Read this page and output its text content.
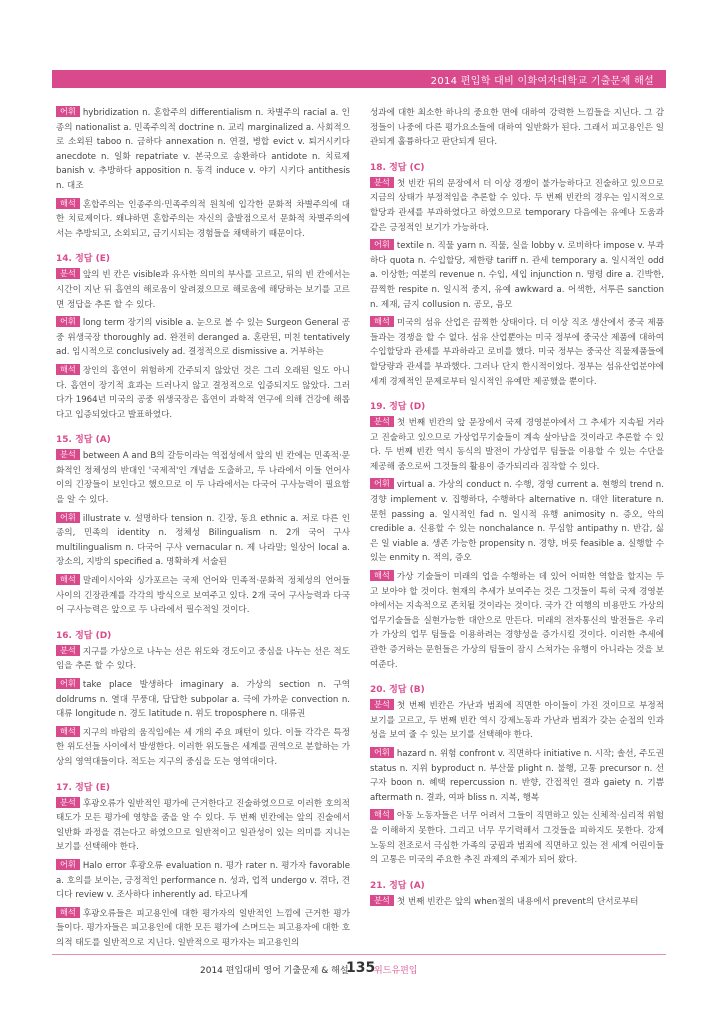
2014 편입학 대비 이화여자대학교 기출문제 해설
어휘 hybridization n. 혼합주의 differentialism n. 차별주의 racial a. 인종의 nationalist a. 민족주의적 doctrine n. 교리 marginalized a. 사회적으로 소외된 taboo n. 금하다 annexation n. 연결, 병합 evict v. 퇴거시키다 anecdote n. 일화 repatriate v. 본국으로 송환하다 antidote n. 치료제 banish v. 추방하다 apposition n. 동격 induce v. 야기 시키다 antithesis n. 대조
해석 혼합주의는 인종주의·민족주의적 원칙에 입각한 문화적 차별주의에 대한 치료제이다. 왜냐하면 혼합주의는 자신의 출발점으로서 문화적 차별주의에서는 추방되고, 소외되고, 금기시되는 경험들을 채택하기 때문이다.
14. 정답 (E)
분석 앞의 빈 칸은 visible과 유사한 의미의 부사를 고르고, 뒤의 빈 칸에서는 시간이 지난 뒤 흡연의 해로움이 알려졌으므로 해로움에 해당하는 보기를 고르면 정답을 추론 할 수 있다.
어휘 long term 장기의 visible a. 눈으로 볼 수 있는 Surgeon General 공중 위생국장 thoroughly ad. 완전히 deranged a. 혼란된, 미친 tentatively ad. 임시적으로 conclusively ad. 결정적으로 dismissive a. 거부하는
해석 장인의 흡연이 위험하게 간주되지 않았던 것은 그리 오래된 일도 아니다. 흡연이 장기적 효과는 드러나지 않고 결정적으로 입증되지도 않았다. 그러다가 1964년 미국의 공중 위생국장은 흡연이 과학적 연구에 의해 건강에 해롭다고 입증되었다고 발표하였다.
15. 정답 (A)
분석 between A and B의 갈등이라는 역접성에서 앞의 빈 칸에는 민족적·문화적인 정체성의 반대인 '국제적'인 개념을 도출하고, 두 나라에서 이들 언어사이의 긴장들이 보인다고 했으므로 이 두 나라에서는 다국어 구사능력이 필요함을 알 수 있다.
어휘 illustrate v. 설명하다 tension n. 긴장, 동요 ethnic a. 저로 다른 인종의, 민족의 identity n. 정체성 Bilingualism n. 2개 국어 구사 multilingualism n. 다국어 구사 vernacular n. 제 나라말; 일상어 local a. 장소의, 지방의 specified a. 명확하게 서술된
해석 말레이시아와 싱가포르는 국제 언어와 민족적·문화적 정체성의 언어들 사이의 긴장관계를 각각의 방식으로 보여주고 있다. 2개 국어 구사능력과 다국어 구사능력은 앞으로 두 나라에서 필수적일 것이다.
16. 정답 (D)
분석 지구를 가상으로 나누는 선은 위도와 경도이고 중심을 나누는 선은 적도임을 추론 할 수 있다.
어휘 take place 발생하다 imaginary a. 가상의 section n. 구역 doldrums n. 열대 무풍대, 답답한 subpolar a. 극에 가까운 convection n. 대류 longitude n. 경도 latitude n. 위도 troposphere n. 대류권
해석 지구의 바람의 움직임에는 세 개의 주요 패턴이 있다. 이들 각각은 특정한 위도선들 사이에서 발생한다. 이러한 위도들은 세계를 권역으로 분할하는 가상의 영역대들이다. 적도는 지구의 중심을 도는 영역대이다.
17. 정답 (E)
분석 후광오류가 일반적인 평가에 근거한다고 진술하였으므로 이러한 호의적 태도가 모든 평가에 영향을 줌을 알 수 있다. 두 번째 빈칸에는 앞의 진술에서 일반화 과정을 겪는다고 하였으므로 일반적이고 일관성이 있는 의미를 지니는 보기를 선택해야 한다.
어휘 Halo error 후광오류 evaluation n. 평가 rater n. 평가자 favorable a. 호의를 보이는, 긍정적인 performance n. 성과, 업적 undergo v. 겪다, 견디다 review v. 조사하다 inherently ad. 타고나게
해석 후광오류들은 피고용인에 대한 평가자의 일반적인 느낌에 근거한 평가들이다. 평가자들은 피고용인에 대한 모든 평가에 스며드는 피고용자에 대한 호의적 태도를 일반적으로 지닌다. 일반적으로 평가자는 피고용인의
성과에 대한 최소한 하나의 중요한 면에 대하여 강력한 느낌들을 지닌다. 그 감정들이 나중에 다른 평가요소들에 대하여 일반화가 된다. 그래서 피고용인은 일관되게 훌륭하다고 판단되게 된다.
18. 정답 (C)
분석 첫 빈칸 뒤의 문장에서 더 이상 경쟁이 불가능하다고 진술하고 있으므로 지금의 상태가 부정적임을 추론할 수 있다. 두 번째 빈칸의 경우는 임시적으로 할당과 관세를 부과하였다고 하였으므로 temporary 다음에는 유예나 도움과 같은 긍정적인 보기가 가능하다.
어휘 textile n. 직물 yarn n. 직물, 실을 lobby v. 로비하다 impose v. 부과하다 quota n. 수입할당, 제한량 tariff n. 관세 temporary a. 일시적인 odd a. 이상한; 여분의 revenue n. 수입, 세입 injunction n. 명령 dire a. 긴박한, 끔찍한 respite n. 일시적 중지, 유예 awkward a. 어색한, 서투른 sanction n. 제재, 금지 collusion n. 공모, 음모
해석 미국의 섬유 산업은 끔찍한 상태이다. 더 이상 직조 생산에서 중국 제품들과는 경쟁을 할 수 없다. 섬유 산업뿐아는 미국 정부에 중국산 제품에 대하여 수입할당과 관세를 부과하라고 로비를 했다. 미국 정부는 중국산 직물제품들에 할당량과 관세를 부과했다. 그러나 단지 한시적이었다. 정부는 섬유산업분야에 세계 경제적인 문제로부터 일시적인 유예만 제공했을 뿐이다.
19. 정답 (D)
분석 첫 번째 빈칸의 앞 문장에서 국제 경영분야에서 그 추세가 지속될 거라고 진술하고 있으므로 가상업무기술들이 계속 살아남을 것이라고 추론할 수 있다. 두 번째 빈칸 역시 동식의 발전이 가상업무 팀들을 이용할 수 있는 수단을 제공해 줌으로써 그것들의 활용이 증가되리라 짐작할 수 있다.
어휘 virtual a. 가상의 conduct n. 수행, 경영 current a. 현행의 trend n. 경향 implement v. 집행하다, 수행하다 alternative n. 대안 literature n. 문헌 passing a. 일시적인 fad n. 일시적 유행 animosity n. 증오, 악의 credible a. 신용할 수 있는 nonchalance n. 무심함 antipathy n. 반감, 싫은 일 viable a. 생존 가능한 propensity n. 경향, 버릇 feasible a. 실행할 수 있는 enmity n. 적의, 증오
해석 가상 기술들이 미래의 업을 수행하는 데 있어 어떠한 역할을 할지는 두고 보아야 할 것이다. 현재의 추세가 보여주는 것은 그것들이 특히 국제 경영분야에서는 지속적으로 존치될 것이라는 것이다. 국가 간 여행의 비용만도 가상의 업무기술들을 실현가능한 대안으로 만든다. 미래의 전자통신의 발전들은 우리가 가상의 업무 팀들을 이용하려는 경향성을 증가시킬 것이다. 이러한 추세에 관한 증거하는 문헌들은 가상의 팀들이 잠시 스쳐가는 유행이 아니라는 것을 보여준다.
20. 정답 (B)
분석 첫 번째 빈칸은 가난과 범죄에 직면한 아이들이 가진 것이므로 부정적 보기를 고르고, 두 번째 빈칸 역시 강제노동과 가난과 범죄가 갖는 순접의 인과성을 보여 줄 수 있는 보기를 선택해야 한다.
어휘 hazard n. 위험 confront v. 직면하다 initiative n. 시작; 솔선, 주도권 status n. 지위 byproduct n. 부산물 plight n. 불행, 고통 precursor n. 선구자 boon n. 혜택 repercussion n. 반향, 간접적인 결과 gaiety n. 기쁨 aftermath n. 결과, 여파 bliss n. 지복, 행복
해석 아동 노동자들은 너무 어려서 그들이 직면하고 있는 신체적·심리적 위험을 이해하지 못한다. 그리고 너무 무기력해서 그것들을 피하지도 못한다. 강제 노동의 전조로서 극심한 가족의 궁핍과 범죄에 직면하고 있는 전 세계 어린이들의 고통은 미국의 주요한 추진 과제의 주제가 되어 왔다.
21. 정답 (A)
분석 첫 번째 빈칸은 앞의 when절의 내용에서 prevent의 단서로부터
2014 편입대비 영어 기출문제 & 해설
135
위드유편입
